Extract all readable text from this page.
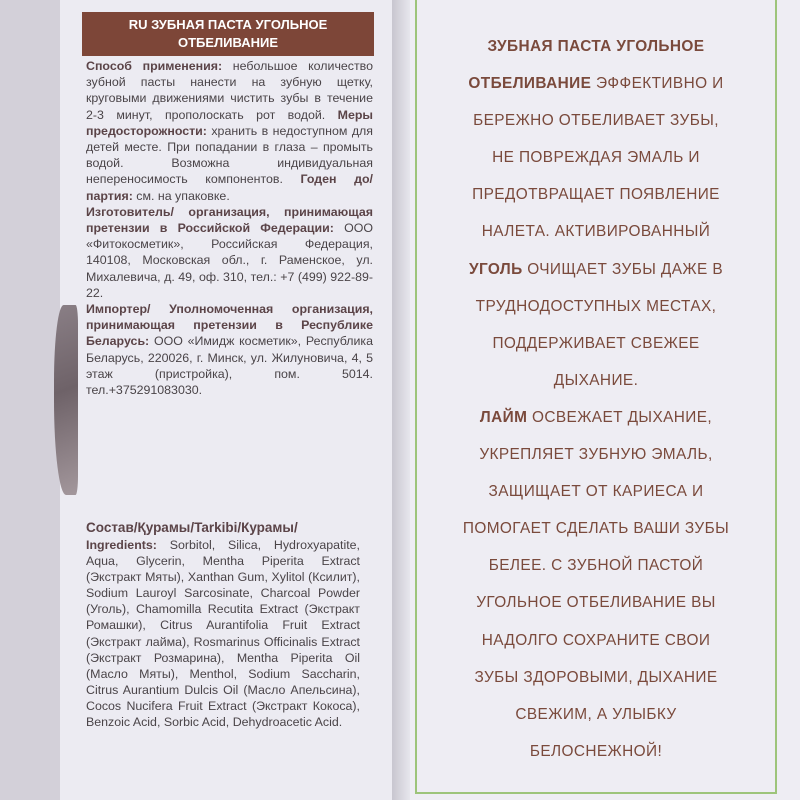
RU ЗУБНАЯ ПАСТА УГОЛЬНОЕ
ОТБЕЛИВАНИЕ
Способ применения: небольшое количество зубной пасты нанести на зубную щетку, круговыми движениями чистить зубы в течение 2-3 минут, прополоскать рот водой. Меры предосторожности: хранить в недоступном для детей месте. При попадании в глаза – промыть водой. Возможна индивидуальная непереносимость компонентов. Годен до/партия: см. на упаковке.
Изготовитель/ организация, принимающая претензии в Российской Федерации: ООО «Фитокосметик», Российская Федерация, 140108, Московская обл., г. Раменское, ул. Михалевича, д. 49, оф. 310, тел.: +7 (499) 922-89-22.
Импортер/ Уполномоченная организация, принимающая претензии в Республике Беларусь: ООО «Имидж косметик», Республика Беларусь, 220026, г. Минск, ул. Жилуновича, 4, 5 этаж (пристройка), пом. 5014. тел.+375291083030.
Состав/Қурамы/Tarkibi/Курамы/
Ingredients: Sorbitol, Silica, Hydroxyapatite, Aqua, Glycerin, Mentha Piperita Extract (Экстракт Мяты), Xanthan Gum, Xylitol (Ксилит), Sodium Lauroyl Sarcosinate, Charcoal Powder (Уголь), Chamomilla Recutita Extract (Экстракт Ромашки), Citrus Aurantifolia Fruit Extract (Экстракт лайма), Rosmarinus Officinalis Extract (Экстракт Розмарина), Mentha Piperita Oil (Масло Мяты), Menthol, Sodium Saccharin, Citrus Aurantium Dulcis Oil (Масло Апельсина), Cocos Nucifera Fruit Extract (Экстракт Кокоса), Benzoic Acid, Sorbic Acid, Dehydroacetic Acid.
ЗУБНАЯ ПАСТА УГОЛЬНОЕ
ОТБЕЛИВАНИЕ ЭФФЕКТИВНО И
БЕРЕЖНО ОТБЕЛИВАЕТ ЗУБЫ,
НЕ ПОВРЕЖДАЯ ЭМАЛЬ И
ПРЕДОТВРАЩАЕТ ПОЯВЛЕНИЕ
НАЛЕТА. АКТИВИРОВАННЫЙ
УГОЛЬ ОЧИЩАЕТ ЗУБЫ ДАЖЕ В
ТРУДНОДОСТУПНЫХ МЕСТАХ,
ПОДДЕРЖИВАЕТ СВЕЖЕЕ
ДЫХАНИЕ.
ЛАЙМ ОСВЕЖАЕТ ДЫХАНИЕ,
УКРЕПЛЯЕТ ЗУБНУЮ ЭМАЛЬ,
ЗАЩИЩАЕТ ОТ КАРИЕСА И
ПОМОГАЕТ СДЕЛАТЬ ВАШИ ЗУБЫ
БЕЛЕЕ. С ЗУБНОЙ ПАСТОЙ
УГОЛЬНОЕ ОТБЕЛИВАНИЕ ВЫ
НАДОЛГО СОХРАНИТЕ СВОИ
ЗУБЫ ЗДОРОВЫМИ, ДЫХАНИЕ
СВЕЖИМ, А УЛЫБКУ
БЕЛОСНЕЖНОЙ!
